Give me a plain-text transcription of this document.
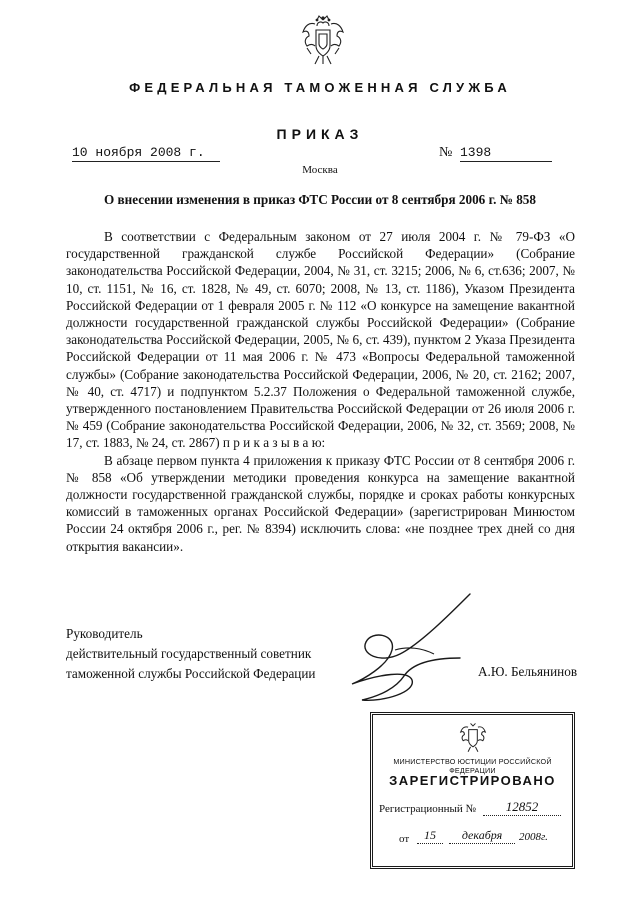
ФЕДЕРАЛЬНАЯ ТАМОЖЕННАЯ СЛУЖБА
ПРИКАЗ
10 ноября 2008 г.	№ 1398
Москва
О внесении изменения в приказ ФТС России от 8 сентября 2006 г. № 858

В соответствии с Федеральным законом от 27 июля 2004 г. № 79-ФЗ «О государственной гражданской службе Российской Федерации» (Собрание законодательства Российской Федерации, 2004, № 31, ст. 3215; 2006, № 6, ст.636; 2007, № 10, ст. 1151, № 16, ст. 1828, № 49, ст. 6070; 2008, № 13, ст. 1186), Указом Президента Российской Федерации от 1 февраля 2005 г. № 112 «О конкурсе на замещение вакантной должности государственной гражданской службы Российской Федерации» (Собрание законодательства Российской Федерации, 2005, № 6, ст. 439), пунктом 2 Указа Президента Российской Федерации от 11 мая 2006 г. № 473 «Вопросы Федеральной таможенной службы» (Собрание законодательства Российской Федерации, 2006, № 20, ст. 2162; 2007, № 40, ст. 4717) и подпунктом 5.2.37 Положения о Федеральной таможенной службе, утвержденного постановлением Правительства Российской Федерации от 26 июля 2006 г. № 459 (Собрание законодательства Российской Федерации, 2006, № 32, ст. 3569; 2008, № 17, ст. 1883, № 24, ст. 2867) п р и к а з ы в а ю:

В абзаце первом пункта 4 приложения к приказу ФТС России от 8 сентября 2006 г. № 858 «Об утверждении методики проведения конкурса на замещение вакантной должности государственной гражданской службы, порядке и сроках работы конкурсных комиссий в таможенных органах Российской Федерации» (зарегистрирован Минюстом России 24 октября 2006 г., рег. № 8394) исключить слова: «не позднее трех дней со дня открытия вакансии».

Руководитель
действительный государственный советник
таможенной службы Российской Федерации	А.Ю. Бельянинов
МИНИСТЕРСТВО ЮСТИЦИИ РОССИЙСКОЙ ФЕДЕРАЦИИ
ЗАРЕГИСТРИРОВАНО
Регистрационный №	12852
от	15	декабря	2008г.
